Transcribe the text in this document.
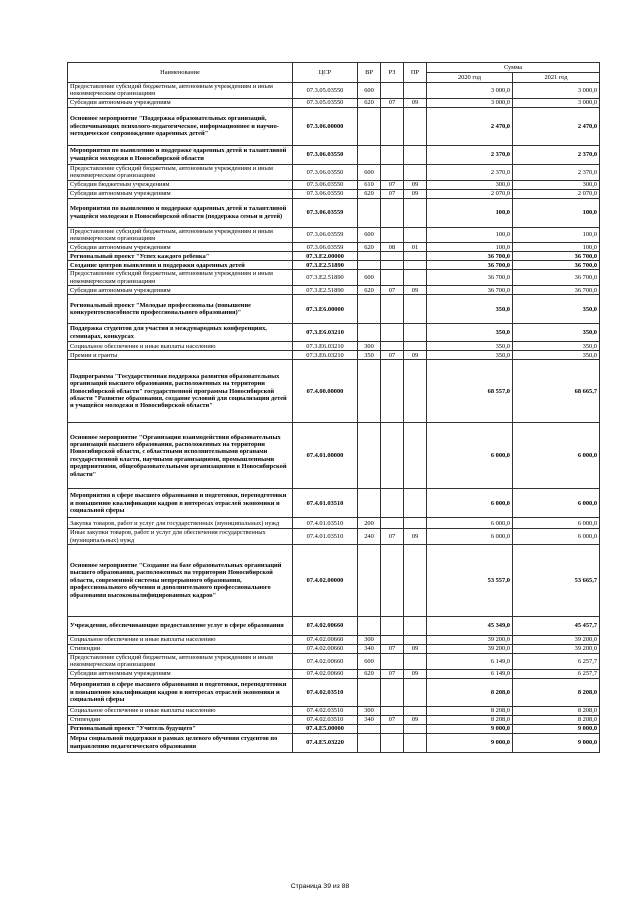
Наименование	ЦСР	ВР	РЗ	ПР	Сумма	
					2020 год	2021 год
Предоставление субсидий бюджетным, автономным учреждениям и иным некоммерческим организациям	07.3.05.03550	600			3 000,0	3 000,0
Субсидии автономным учреждениям	07.3.05.03550	620	07	09	3 000,0	3 000,0
Основное мероприятие "Поддержка образовательных организаций, обеспечивающих психолого-педагогическое, информационное и научно-методическое сопровождение одаренных детей"	07.3.06.00000				2 470,0	2 470,0
Мероприятия по выявлению и поддержке одаренных детей и талантливой учащейся молодежи в Новосибирской области	07.3.06.03550				2 370,0	2 370,0
Предоставление субсидий бюджетным, автономным учреждениям и иным некоммерческим организациям	07.3.06.03550	600			2 370,0	2 370,0
Субсидии бюджетным учреждениям	07.3.06.03550	610	07	09	300,0	300,0
Субсидии автономным учреждениям	07.3.06.03550	620	07	09	2 070,0	2 070,0
Мероприятия по выявлению и поддержке одаренных детей и талантливой учащейся молодежи в Новосибирской области (поддержка семьи и детей)	07.3.06.03559				100,0	100,0
Предоставление субсидий бюджетным, автономным учреждениям и иным некоммерческим организациям	07.3.06.03559	600			100,0	100,0
Субсидии автономным учреждениям	07.3.06.03559	620	08	01	100,0	100,0
Региональный проект "Успех каждого ребенка"	07.3.E2.00000				36 700,0	36 700,0
Создание центров выявления и поддержки одаренных детей	07.3.E2.51890				36 700,0	36 700,0
Предоставление субсидий бюджетным, автономным учреждениям и иным некоммерческим организациям	07.3.E2.51890	600			36 700,0	36 700,0
Субсидии автономным учреждениям	07.3.E2.51890	620	07	09	36 700,0	36 700,0
Региональный проект "Молодые профессионалы (повышение конкурентоспособности профессионального образования)"	07.3.E6.00000				350,0	350,0
Поддержка студентов для участия в международных конференциях, семинарах, конкурсах	07.3.E6.03210				350,0	350,0
Социальное обеспечение и иные выплаты населению	07.3.E6.03210	300			350,0	350,0
Премии и гранты	07.3.E6.03210	350	07	09	350,0	350,0
Подпрограмма "Государственная поддержка развития образовательных организаций высшего образования, расположенных на территории Новосибирской области" государственной программы Новосибирской области "Развитие образования, создание условий для социализации детей и учащейся молодежи в Новосибирской области"	07.4.00.00000				68 557,0	68 665,7
Основное мероприятие "Организация взаимодействия образовательных организаций высшего образования, расположенных на территории Новосибирской области, с областными исполнительными органами государственной власти, научными организациями, промышленными предприятиями, общеобразовательными организациями в Новосибирской области"	07.4.01.00000				6 000,0	6 000,0
Мероприятия в сфере высшего образования и подготовки, переподготовки и повышению квалификации кадров в интересах отраслей экономики и социальной сферы	07.4.01.03510				6 000,0	6 000,0
Закупка товаров, работ и услуг для государственных (муниципальных) нужд	07.4.01.03510	200			6 000,0	6 000,0
Иные закупки товаров, работ и услуг для обеспечения государственных (муниципальных) нужд	07.4.01.03510	240	07	09	6 000,0	6 000,0
Основное мероприятие "Создание на базе образовательных организаций высшего образования, расположенных на территории Новосибирской области, современной системы непрерывного образования, профессионального обучения и дополнительного профессионального образования высококвалифицированных кадров"	07.4.02.00000				53 557,0	53 665,7
Учреждения, обеспечивающие предоставление услуг в сфере образования	07.4.02.00660				45 349,0	45 457,7
Социальное обеспечение и иные выплаты населению	07.4.02.00660	300			39 200,0	39 200,0
Стипендии	07.4.02.00660	340	07	09	39 200,0	39 200,0
Предоставление субсидий бюджетным, автономным учреждениям и иным некоммерческим организациям	07.4.02.00660	600			6 149,0	6 257,7
Субсидии автономным учреждениям	07.4.02.00660	620	07	09	6 149,0	6 257,7
Мероприятия в сфере высшего образования и подготовки, переподготовки и повышению квалификации кадров в интересах отраслей экономики и социальной сферы	07.4.02.03510				8 208,0	8 208,0
Социальное обеспечение и иные выплаты населению	07.4.02.03510	300			8 208,0	8 208,0
Стипендии	07.4.02.03510	340	07	09	8 208,0	8 208,0
Региональный проект "Учитель будущего"	07.4.E5.00000				9 000,0	9 000,0
Меры социальной поддержки в рамках целевого обучения студентов по направлению педагогического образования	07.4.E5.03220				9 000,0	9 000,0
Страница 39 из 88
